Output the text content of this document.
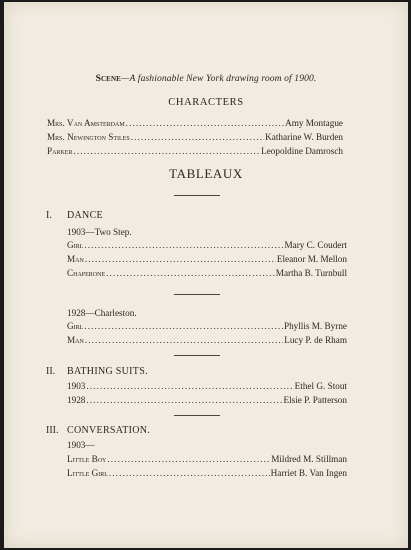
Scene—A fashionable New York drawing room of 1900.
CHARACTERS
Mrs. Van Amsterdam .....	Amy Montague
Mrs. Newington Stiles .....	Katharine W. Burden
Parker .....	Leopoldine Damrosch
TABLEAUX
I. DANCE
1903—Two Step.
Girl .....	Mary C. Coudert
Man .....	Eleanor M. Mellon
Chaperone .....	Martha B. Turnbull
1928—Charleston.
Girl .....	Phyllis M. Byrne
Man .....	Lucy P. de Rham
II. BATHING SUITS.
1903 .....	Ethel G. Stout
1928 .....	Elsie P. Patterson
III. CONVERSATION.
1903—
Little Boy .....	Mildred M. Stillman
Little Girl .....	Harriet B. Van Ingen
